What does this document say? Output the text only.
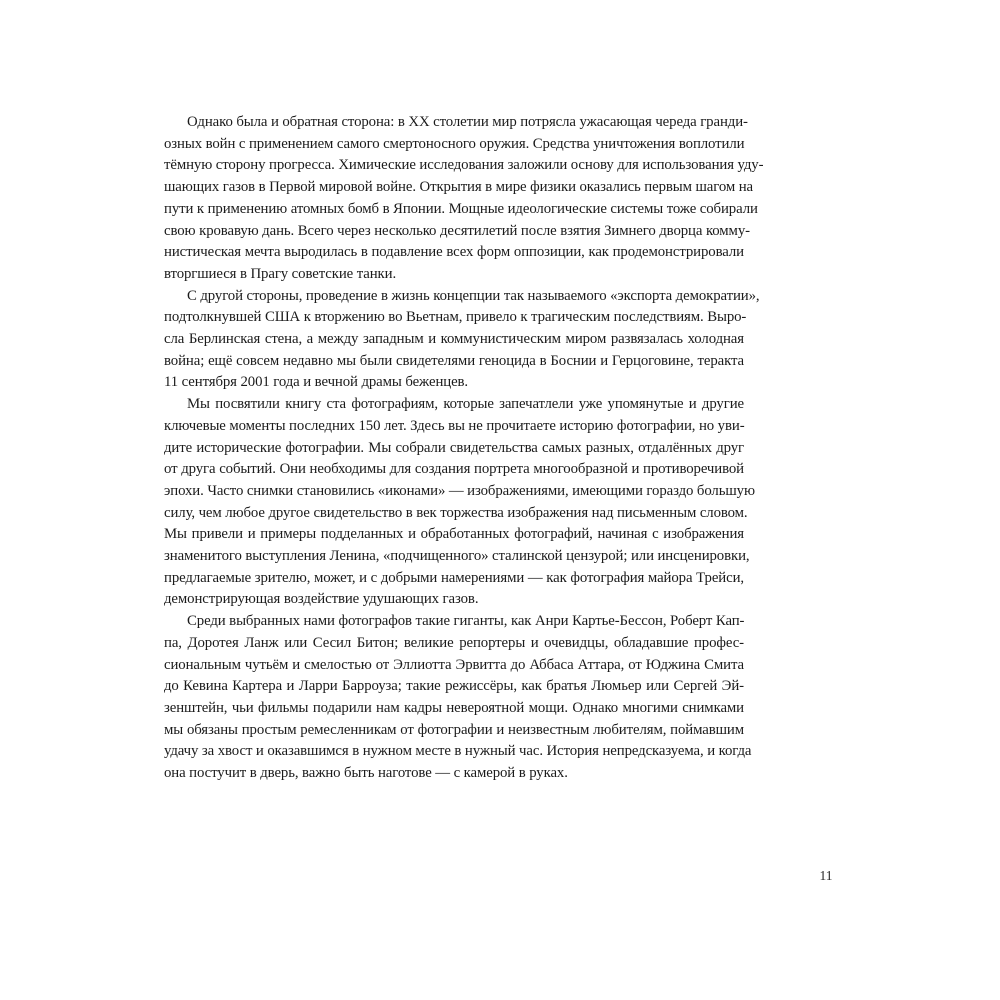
Однако была и обратная сторона: в XX столетии мир потрясла ужасающая череда гранди-
озных войн с применением самого смертоносного оружия. Средства уничтожения воплотили
тёмную сторону прогресса. Химические исследования заложили основу для использования уду-
шающих газов в Первой мировой войне. Открытия в мире физики оказались первым шагом на
пути к применению атомных бомб в Японии. Мощные идеологические системы тоже собирали
свою кровавую дань. Всего через несколько десятилетий после взятия Зимнего дворца комму-
нистическая мечта выродилась в подавление всех форм оппозиции, как продемонстрировали
вторгшиеся в Прагу советские танки.
С другой стороны, проведение в жизнь концепции так называемого «экспорта демократии»,
подтолкнувшей США к вторжению во Вьетнам, привело к трагическим последствиям. Выро-
сла Берлинская стена, а между западным и коммунистическим миром развязалась холодная
война; ещё совсем недавно мы были свидетелями геноцида в Боснии и Герцоговине, теракта
11 сентября 2001 года и вечной драмы беженцев.
Мы посвятили книгу ста фотографиям, которые запечатлели уже упомянутые и другие
ключевые моменты последних 150 лет. Здесь вы не прочитаете историю фотографии, но уви-
дите исторические фотографии. Мы собрали свидетельства самых разных, отдалённых друг
от друга событий. Они необходимы для создания портрета многообразной и противоречивой
эпохи. Часто снимки становились «иконами» — изображениями, имеющими гораздо большую
силу, чем любое другое свидетельство в век торжества изображения над письменным словом.
Мы привели и примеры подделанных и обработанных фотографий, начиная с изображения
знаменитого выступления Ленина, «подчищенного» сталинской цензурой; или инсценировки,
предлагаемые зрителю, может, и с добрыми намерениями — как фотография майора Трейси,
демонстрирующая воздействие удушающих газов.
Среди выбранных нами фотографов такие гиганты, как Анри Картье-Бессон, Роберт Кап-
па, Доротея Ланж или Сесил Битон; великие репортеры и очевидцы, обладавшие профес-
сиональным чутьём и смелостью от Эллиотта Эрвитта до Аббаса Аттара, от Юджина Смита
до Кевина Картера и Ларри Барроуза; такие режиссёры, как братья Люмьер или Сергей Эй-
зенштейн, чьи фильмы подарили нам кадры невероятной мощи. Однако многими снимками
мы обязаны простым ремесленникам от фотографии и неизвестным любителям, поймавшим
удачу за хвост и оказавшимся в нужном месте в нужный час. История непредсказуема, и когда
она постучит в дверь, важно быть наготове — с камерой в руках.
11
